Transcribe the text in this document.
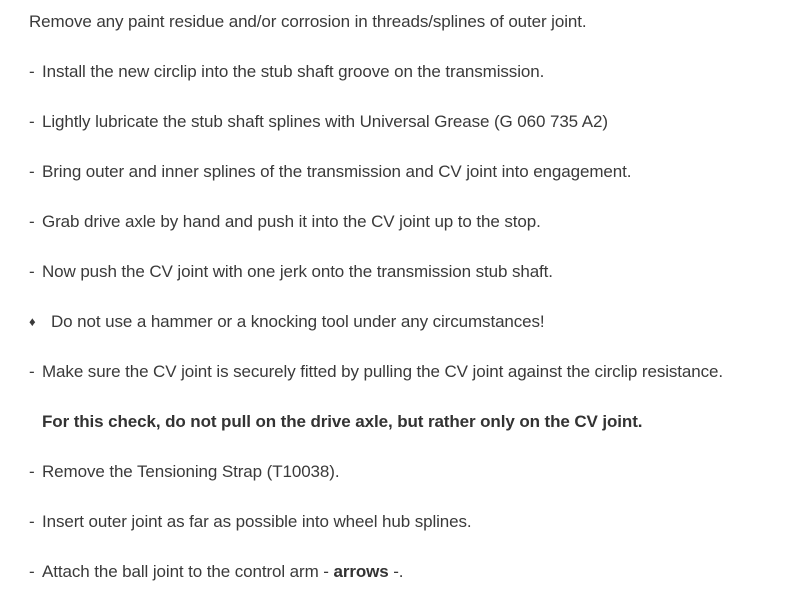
Remove any paint residue and/or corrosion in threads/splines of outer joint.
- Install the new circlip into the stub shaft groove on the transmission.
- Lightly lubricate the stub shaft splines with Universal Grease (G 060 735 A2)
- Bring outer and inner splines of the transmission and CV joint into engagement.
- Grab drive axle by hand and push it into the CV joint up to the stop.
- Now push the CV joint with one jerk onto the transmission stub shaft.
♦ Do not use a hammer or a knocking tool under any circumstances!
- Make sure the CV joint is securely fitted by pulling the CV joint against the circlip resistance.
For this check, do not pull on the drive axle, but rather only on the CV joint.
- Remove the Tensioning Strap (T10038).
- Insert outer joint as far as possible into wheel hub splines.
- Attach the ball joint to the control arm - arrows -.
